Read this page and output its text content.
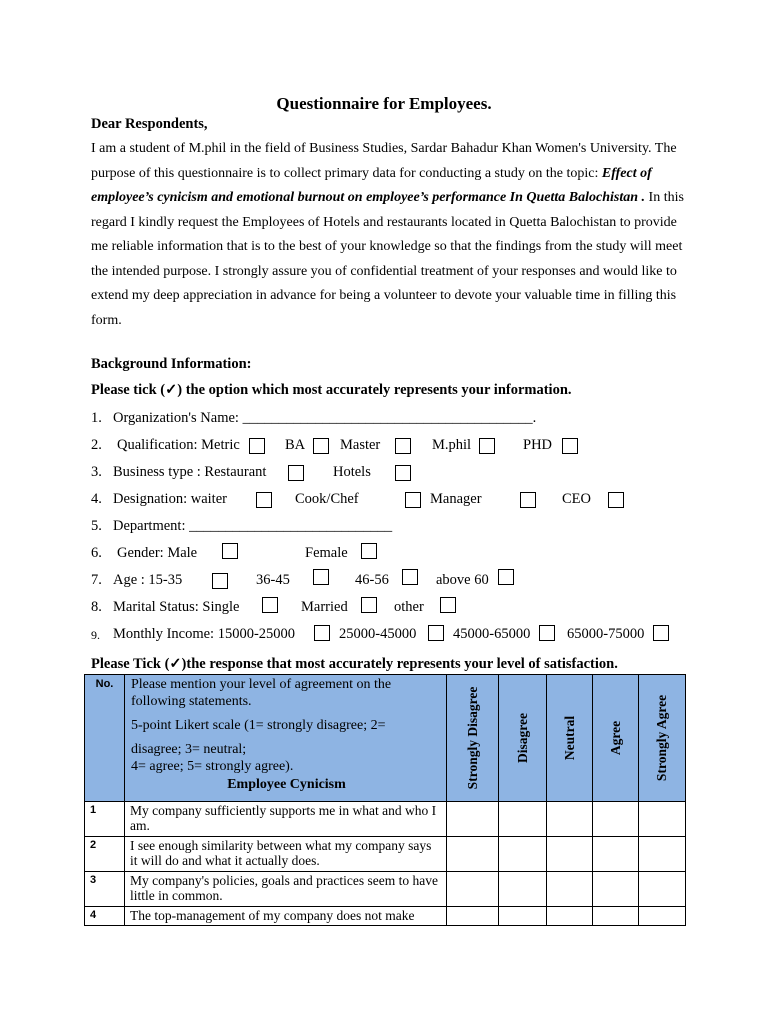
Questionnaire for Employees.
Dear Respondents,
I am a student of M.phil in the field of Business Studies, Sardar Bahadur Khan Women's University. The purpose of this questionnaire is to collect primary data for conducting a study on the topic: Effect of employee’s cynicism and emotional burnout on employee’s performance In Quetta Balochistan . In this regard I kindly request the Employees of Hotels and restaurants located in Quetta Balochistan to provide me reliable information that is to the best of your knowledge so that the findings from the study will meet the intended purpose. I strongly assure you of confidential treatment of your responses and would like to extend my deep appreciation in advance for being a volunteer to devote your valuable time in filling this form.
Background Information:
Please tick (✓) the option which most accurately represents your information.
1. Organization's Name: ________________________________________.
2. Qualification: Metric	BA Master	M.phil	PHD
3. Business type : Restaurant	Hotels
4. Designation: waiter	Cook/Chef	Manager	CEO
5. Department: ____________________________
6. Gender: Male	Female
7. Age : 15-35	36-45	46-56	above 60
8. Marital Status: Single	Married	other
9. Monthly Income: 15000-25000	25000-45000	45000-65000	65000-75000
Please Tick (✓)the response that most accurately represents your level of satisfaction.
No.	Please mention your level of agreement on the following statements.
5-point Likert scale (1= strongly disagree; 2=
disagree; 3= neutral;
4= agree; 5= strongly agree).
Employee Cynicism	Strongly Disagree	Disagree	Neutral	Agree	Strongly Agree

1	My company sufficiently supports me in what and who I am.					
2	I see enough similarity between what my company says it will do and what it actually does.					
3	My company's policies, goals and practices seem to have little in common.					
4	The top-management of my company does not make					
